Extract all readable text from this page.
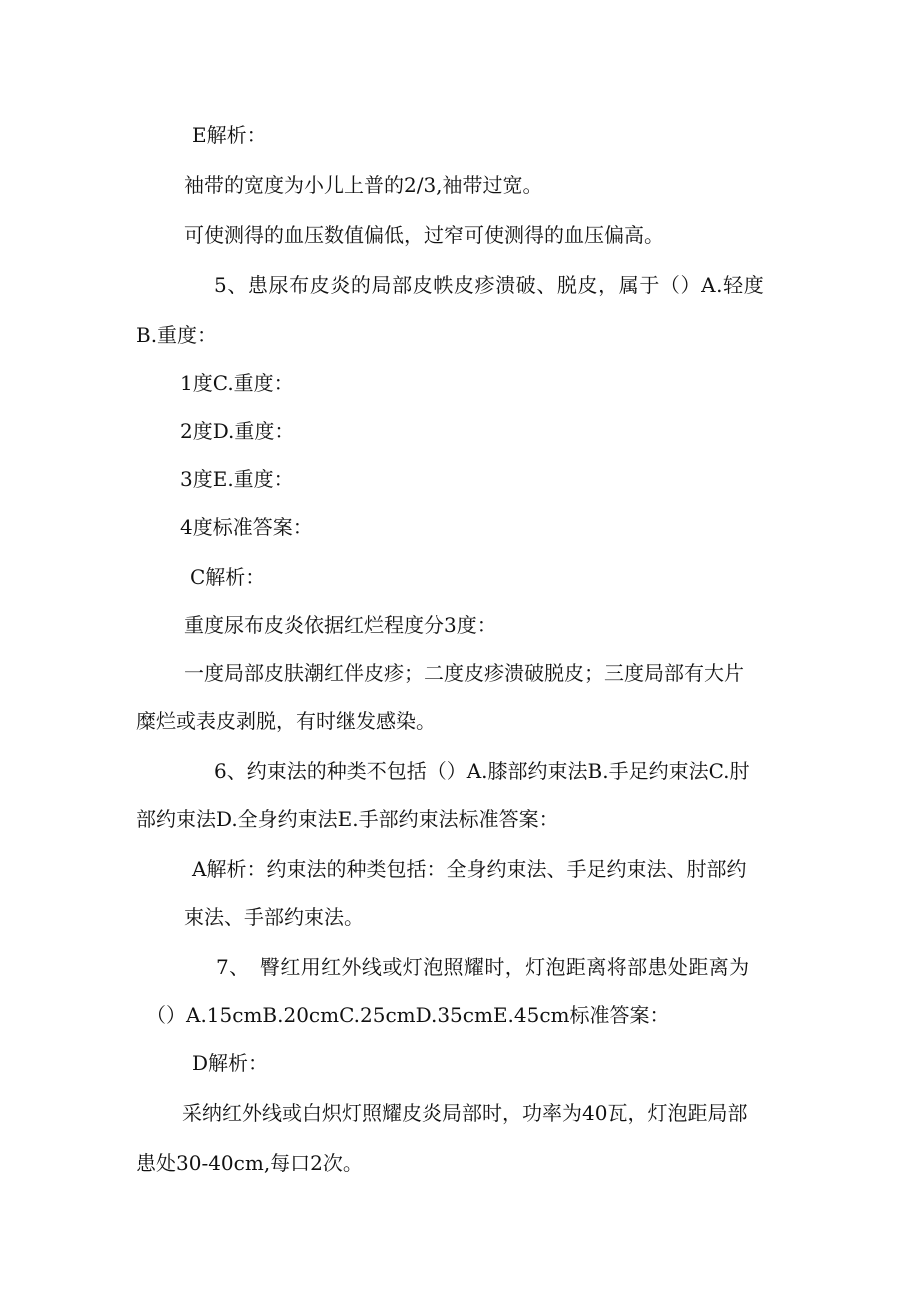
E解析：
袖带的宽度为小儿上普的2/3,袖带过宽。
可使测得的血压数值偏低，过窄可使测得的血压偏高。
5、患尿布皮炎的局部皮帙皮疹溃破、脱皮，属于（）A.轻度
B.重度：
1度C.重度：
2度D.重度：
3度E.重度：
4度标准答案：
C解析：
重度尿布皮炎依据红烂程度分3度：
一度局部皮肤潮红伴皮疹；二度皮疹溃破脱皮；三度局部有大片
糜烂或表皮剥脱，有时继发感染。
6、约束法的种类不包括（）A.膝部约束法B.手足约束法C.肘
部约束法D.全身约束法E.手部约束法标准答案：
A解析：约束法的种类包括：全身约束法、手足约束法、肘部约
束法、手部约束法。
7、　臀红用红外线或灯泡照耀时，灯泡距离将部患处距离为
（）A.15cmB.20cmC.25cmD.35cmE.45cm标准答案：
D解析：
采纳红外线或白炽灯照耀皮炎局部时，功率为40瓦，灯泡距局部
患处30-40cm,每口2次。
